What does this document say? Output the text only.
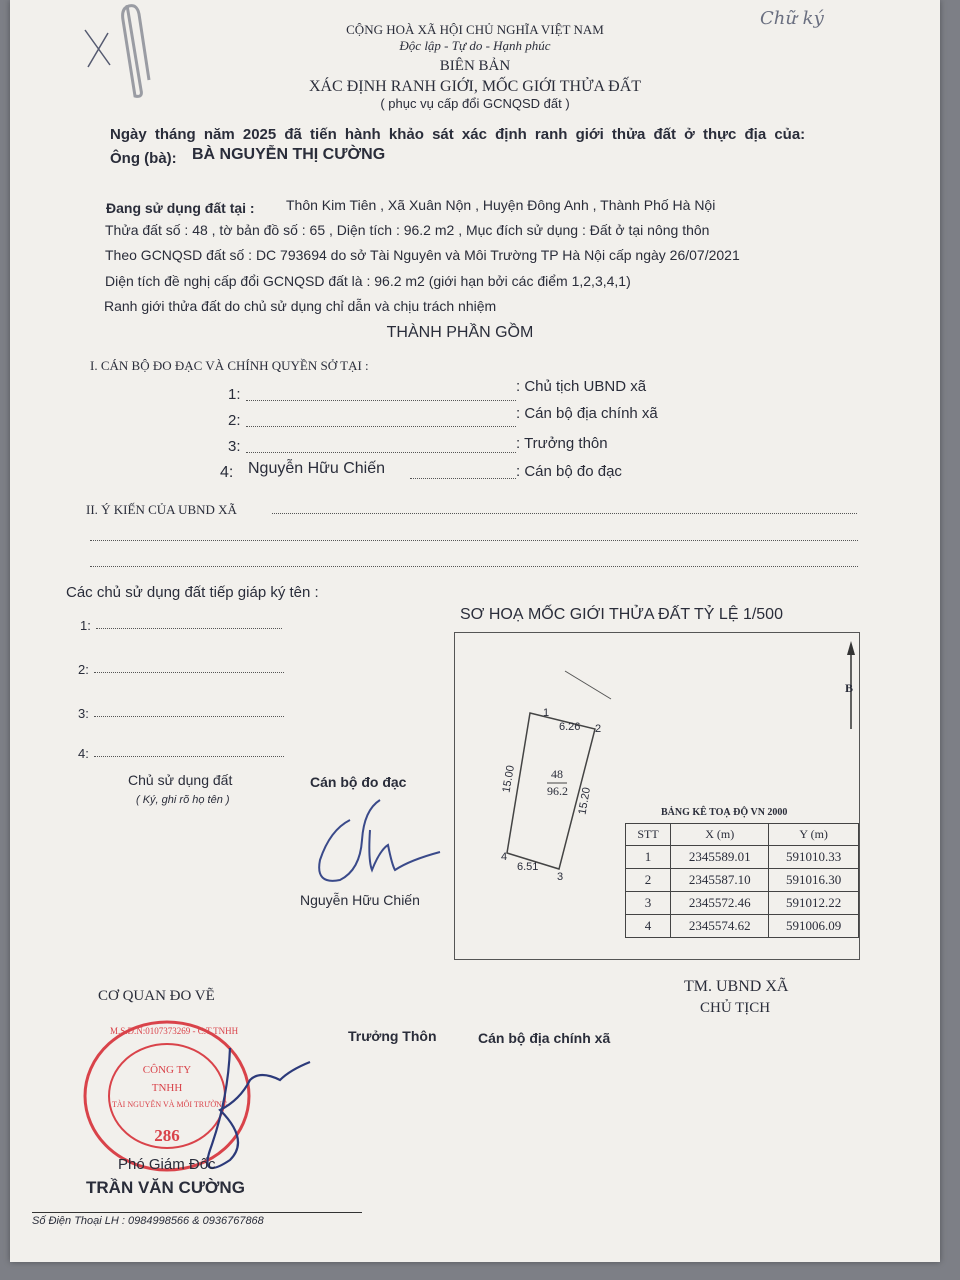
CỘNG HOÀ XÃ HỘI CHỦ NGHĨA VIỆT NAM
Độc lập - Tự do - Hạnh phúc
BIÊN BẢN
XÁC ĐỊNH RANH GIỚI, MỐC GIỚI THỬA ĐẤT
( phục vụ cấp đổi GCNQSD đất )
Chữ ký
Ngày tháng năm 2025 đã tiến hành khảo sát xác định ranh giới thửa đất ở thực địa của:
Ông (bà): BÀ NGUYỄN THỊ CƯỜNG
Đang sử dụng đất tại : Thôn Kim Tiên , Xã Xuân Nộn , Huyện Đông Anh , Thành Phố Hà Nội
Thửa đất số : 48 , tờ bản đồ số : 65 , Diện tích : 96.2 m2 , Mục đích sử dụng : Đất ở tại nông thôn
Theo GCNQSD đất số : DC 793694 do sở Tài Nguyên và Môi Trường TP Hà Nội cấp ngày 26/07/2021
Diện tích đề nghị cấp đổi GCNQSD đất là : 96.2 m2 (giới hạn bởi các điểm 1,2,3,4,1)
Ranh giới thửa đất do chủ sử dụng chỉ dẫn và chịu trách nhiệm
THÀNH PHẦN GỒM
I. CÁN BỘ ĐO ĐẠC VÀ CHÍNH QUYỀN SỞ TẠI :
1:	: Chủ tịch UBND xã
2:	: Cán bộ địa chính xã
3:	: Trưởng thôn
4: Nguyễn Hữu Chiến	: Cán bộ đo đạc
II. Ý KIẾN CỦA UBND XÃ
Các chủ sử dụng đất tiếp giáp ký tên :
1:
2:
3:
4:
Chủ sử dụng đất
( Ký, ghi rõ họ tên )
Cán bộ đo đạc
Nguyễn Hữu Chiến
SƠ HOẠ MỐC GIỚI THỬA ĐẤT TỶ LỆ 1/500
B
1
2
3
4
6.26
15.00
15.20
6.51
48
96.2
BẢNG KÊ TOẠ ĐỘ VN 2000
STT	X (m)	Y (m)
1	2345589.01	591010.33
2	2345587.10	591016.30
3	2345572.46	591012.22
4	2345574.62	591006.09
TM. UBND XÃ
CHỦ TỊCH
CƠ QUAN ĐO VẼ
Trưởng Thôn	Cán bộ địa chính xã
M.S.D.N:0107373269 - C.T.TNHH
CÔNG TY
TNHH
TÀI NGUYÊN VÀ MÔI TRƯỜNG
286
Phó Giám Đốc
TRẦN VĂN CƯỜNG
Số Điện Thoại LH : 0984998566 & 0936767868
